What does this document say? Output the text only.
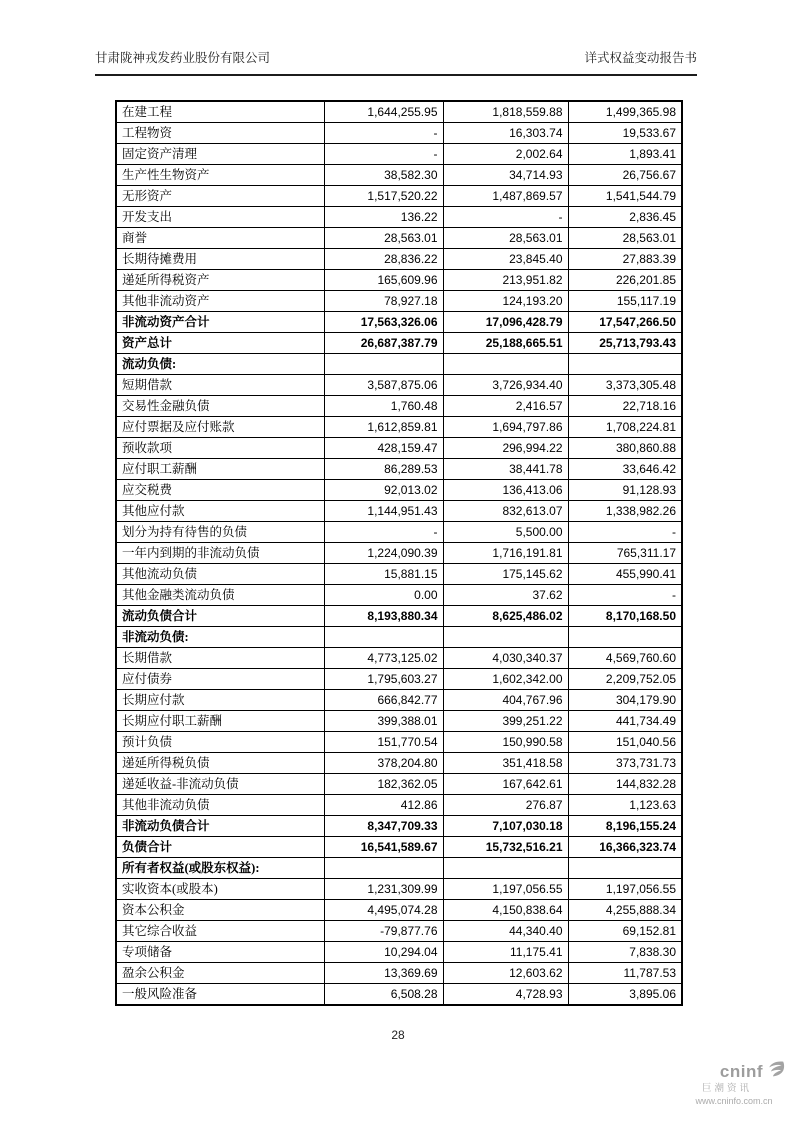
甘肃陇神戎发药业股份有限公司	详式权益变动报告书
在建工程	1,644,255.95	1,818,559.88	1,499,365.98
工程物资	-	16,303.74	19,533.67
固定资产清理	-	2,002.64	1,893.41
生产性生物资产	38,582.30	34,714.93	26,756.67
无形资产	1,517,520.22	1,487,869.57	1,541,544.79
开发支出	136.22	-	2,836.45
商誉	28,563.01	28,563.01	28,563.01
长期待摊费用	28,836.22	23,845.40	27,883.39
递延所得税资产	165,609.96	213,951.82	226,201.85
其他非流动资产	78,927.18	124,193.20	155,117.19
非流动资产合计	17,563,326.06	17,096,428.79	17,547,266.50
资产总计	26,687,387.79	25,188,665.51	25,713,793.43
流动负债:			
短期借款	3,587,875.06	3,726,934.40	3,373,305.48
交易性金融负债	1,760.48	2,416.57	22,718.16
应付票据及应付账款	1,612,859.81	1,694,797.86	1,708,224.81
预收款项	428,159.47	296,994.22	380,860.88
应付职工薪酬	86,289.53	38,441.78	33,646.42
应交税费	92,013.02	136,413.06	91,128.93
其他应付款	1,144,951.43	832,613.07	1,338,982.26
划分为持有待售的负债	-	5,500.00	-
一年内到期的非流动负债	1,224,090.39	1,716,191.81	765,311.17
其他流动负债	15,881.15	175,145.62	455,990.41
其他金融类流动负债	0.00	37.62	-
流动负债合计	8,193,880.34	8,625,486.02	8,170,168.50
非流动负债:			
长期借款	4,773,125.02	4,030,340.37	4,569,760.60
应付债券	1,795,603.27	1,602,342.00	2,209,752.05
长期应付款	666,842.77	404,767.96	304,179.90
长期应付职工薪酬	399,388.01	399,251.22	441,734.49
预计负债	151,770.54	150,990.58	151,040.56
递延所得税负债	378,204.80	351,418.58	373,731.73
递延收益-非流动负债	182,362.05	167,642.61	144,832.28
其他非流动负债	412.86	276.87	1,123.63
非流动负债合计	8,347,709.33	7,107,030.18	8,196,155.24
负债合计	16,541,589.67	15,732,516.21	16,366,323.74
所有者权益(或股东权益):			
实收资本(或股本)	1,231,309.99	1,197,056.55	1,197,056.55
资本公积金	4,495,074.28	4,150,838.64	4,255,888.34
其它综合收益	-79,877.76	44,340.40	69,152.81
专项储备	10,294.04	11,175.41	7,838.30
盈余公积金	13,369.69	12,603.62	11,787.53
一般风险准备	6,508.28	4,728.93	3,895.06
28
cninf
巨潮资讯
www.cninfo.com.cn
